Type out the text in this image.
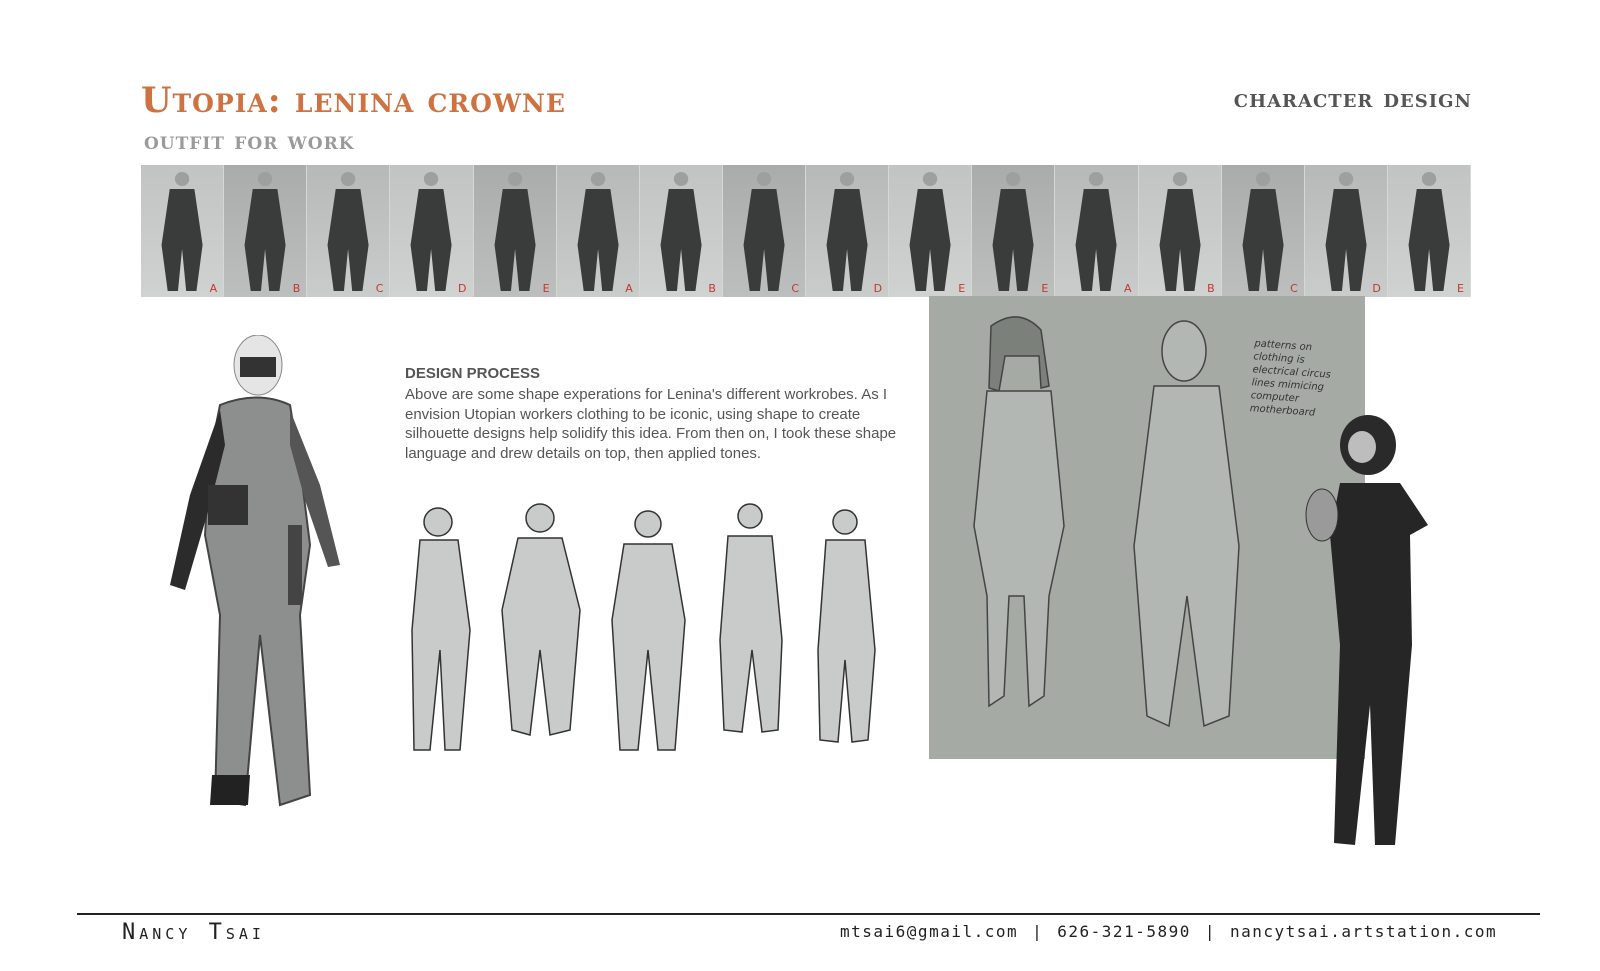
Utopia: lenina crowne
outfit for work
character design
A	B	C	D	E	A	B	C	D	E	E	A	B	C	D	E
DESIGN PROCESS
Above are some shape experations for Lenina's different workrobes. As I envision Utopian workers clothing to be iconic, using shape to create silhouette designs help solidify this idea. From then on, I took these shape language and drew details on top, then applied tones.
patterns on clothing is electrical circus lines mimicing computer motherboard
Nancy Tsai	mtsai6@gmail.com | 626-321-5890 | nancytsai.artstation.com
